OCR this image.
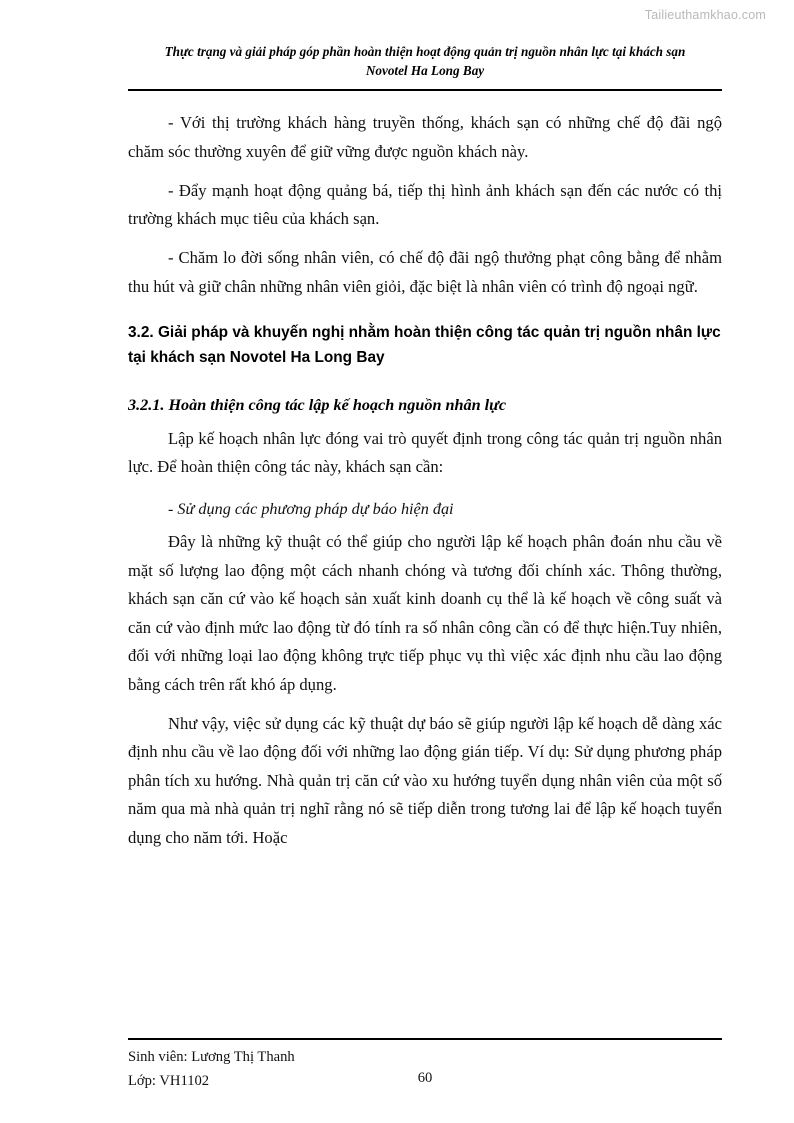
Tailieuthamkhao.com
Thực trạng và giải pháp góp phần hoàn thiện hoạt động quản trị nguồn nhân lực tại khách sạn
Novotel Ha Long Bay

- Với thị trường khách hàng truyền thống, khách sạn có những chế độ đãi ngộ chăm sóc thường xuyên để giữ vững được nguồn khách này.

- Đẩy mạnh hoạt động quảng bá, tiếp thị hình ảnh khách sạn đến các nước có thị trường khách mục tiêu của khách sạn.

- Chăm lo đời sống nhân viên, có chế độ đãi ngộ thưởng phạt công bằng để nhằm thu hút và giữ chân những nhân viên giỏi, đặc biệt là nhân viên có trình độ ngoại ngữ.

3.2. Giải pháp và khuyến nghị nhằm hoàn thiện công tác quản trị nguồn nhân lực tại khách sạn Novotel Ha Long Bay
3.2.1. Hoàn thiện công tác lập kế hoạch nguồn nhân lực

Lập kế hoạch nhân lực đóng vai trò quyết định trong công tác quản trị nguồn nhân lực. Để hoàn thiện công tác này, khách sạn cần:

- Sử dụng các phương pháp dự báo hiện đại

Đây là những kỹ thuật có thể giúp cho người lập kế hoạch phân đoán nhu cầu về mặt số lượng lao động một cách nhanh chóng và tương đối chính xác. Thông thường, khách sạn căn cứ vào kế hoạch sản xuất kinh doanh cụ thể là kế hoạch về công suất và căn cứ vào định mức lao động từ đó tính ra số nhân công cần có để thực hiện.Tuy nhiên, đối với những loại lao động không trực tiếp phục vụ thì việc xác định nhu cầu lao động bằng cách trên rất khó áp dụng.

Như vậy, việc sử dụng các kỹ thuật dự báo sẽ giúp người lập kế hoạch dễ dàng xác định nhu cầu về lao động đối với những lao động gián tiếp. Ví dụ: Sử dụng phương pháp phân tích xu hướng. Nhà quản trị căn cứ vào xu hướng tuyển dụng nhân viên của một số năm qua mà nhà quản trị nghĩ rằng nó sẽ tiếp diễn trong tương lai để lập kế hoạch tuyển dụng cho năm tới. Hoặc

Sinh viên: Lương Thị Thanh
Lớp: VH1102	60
